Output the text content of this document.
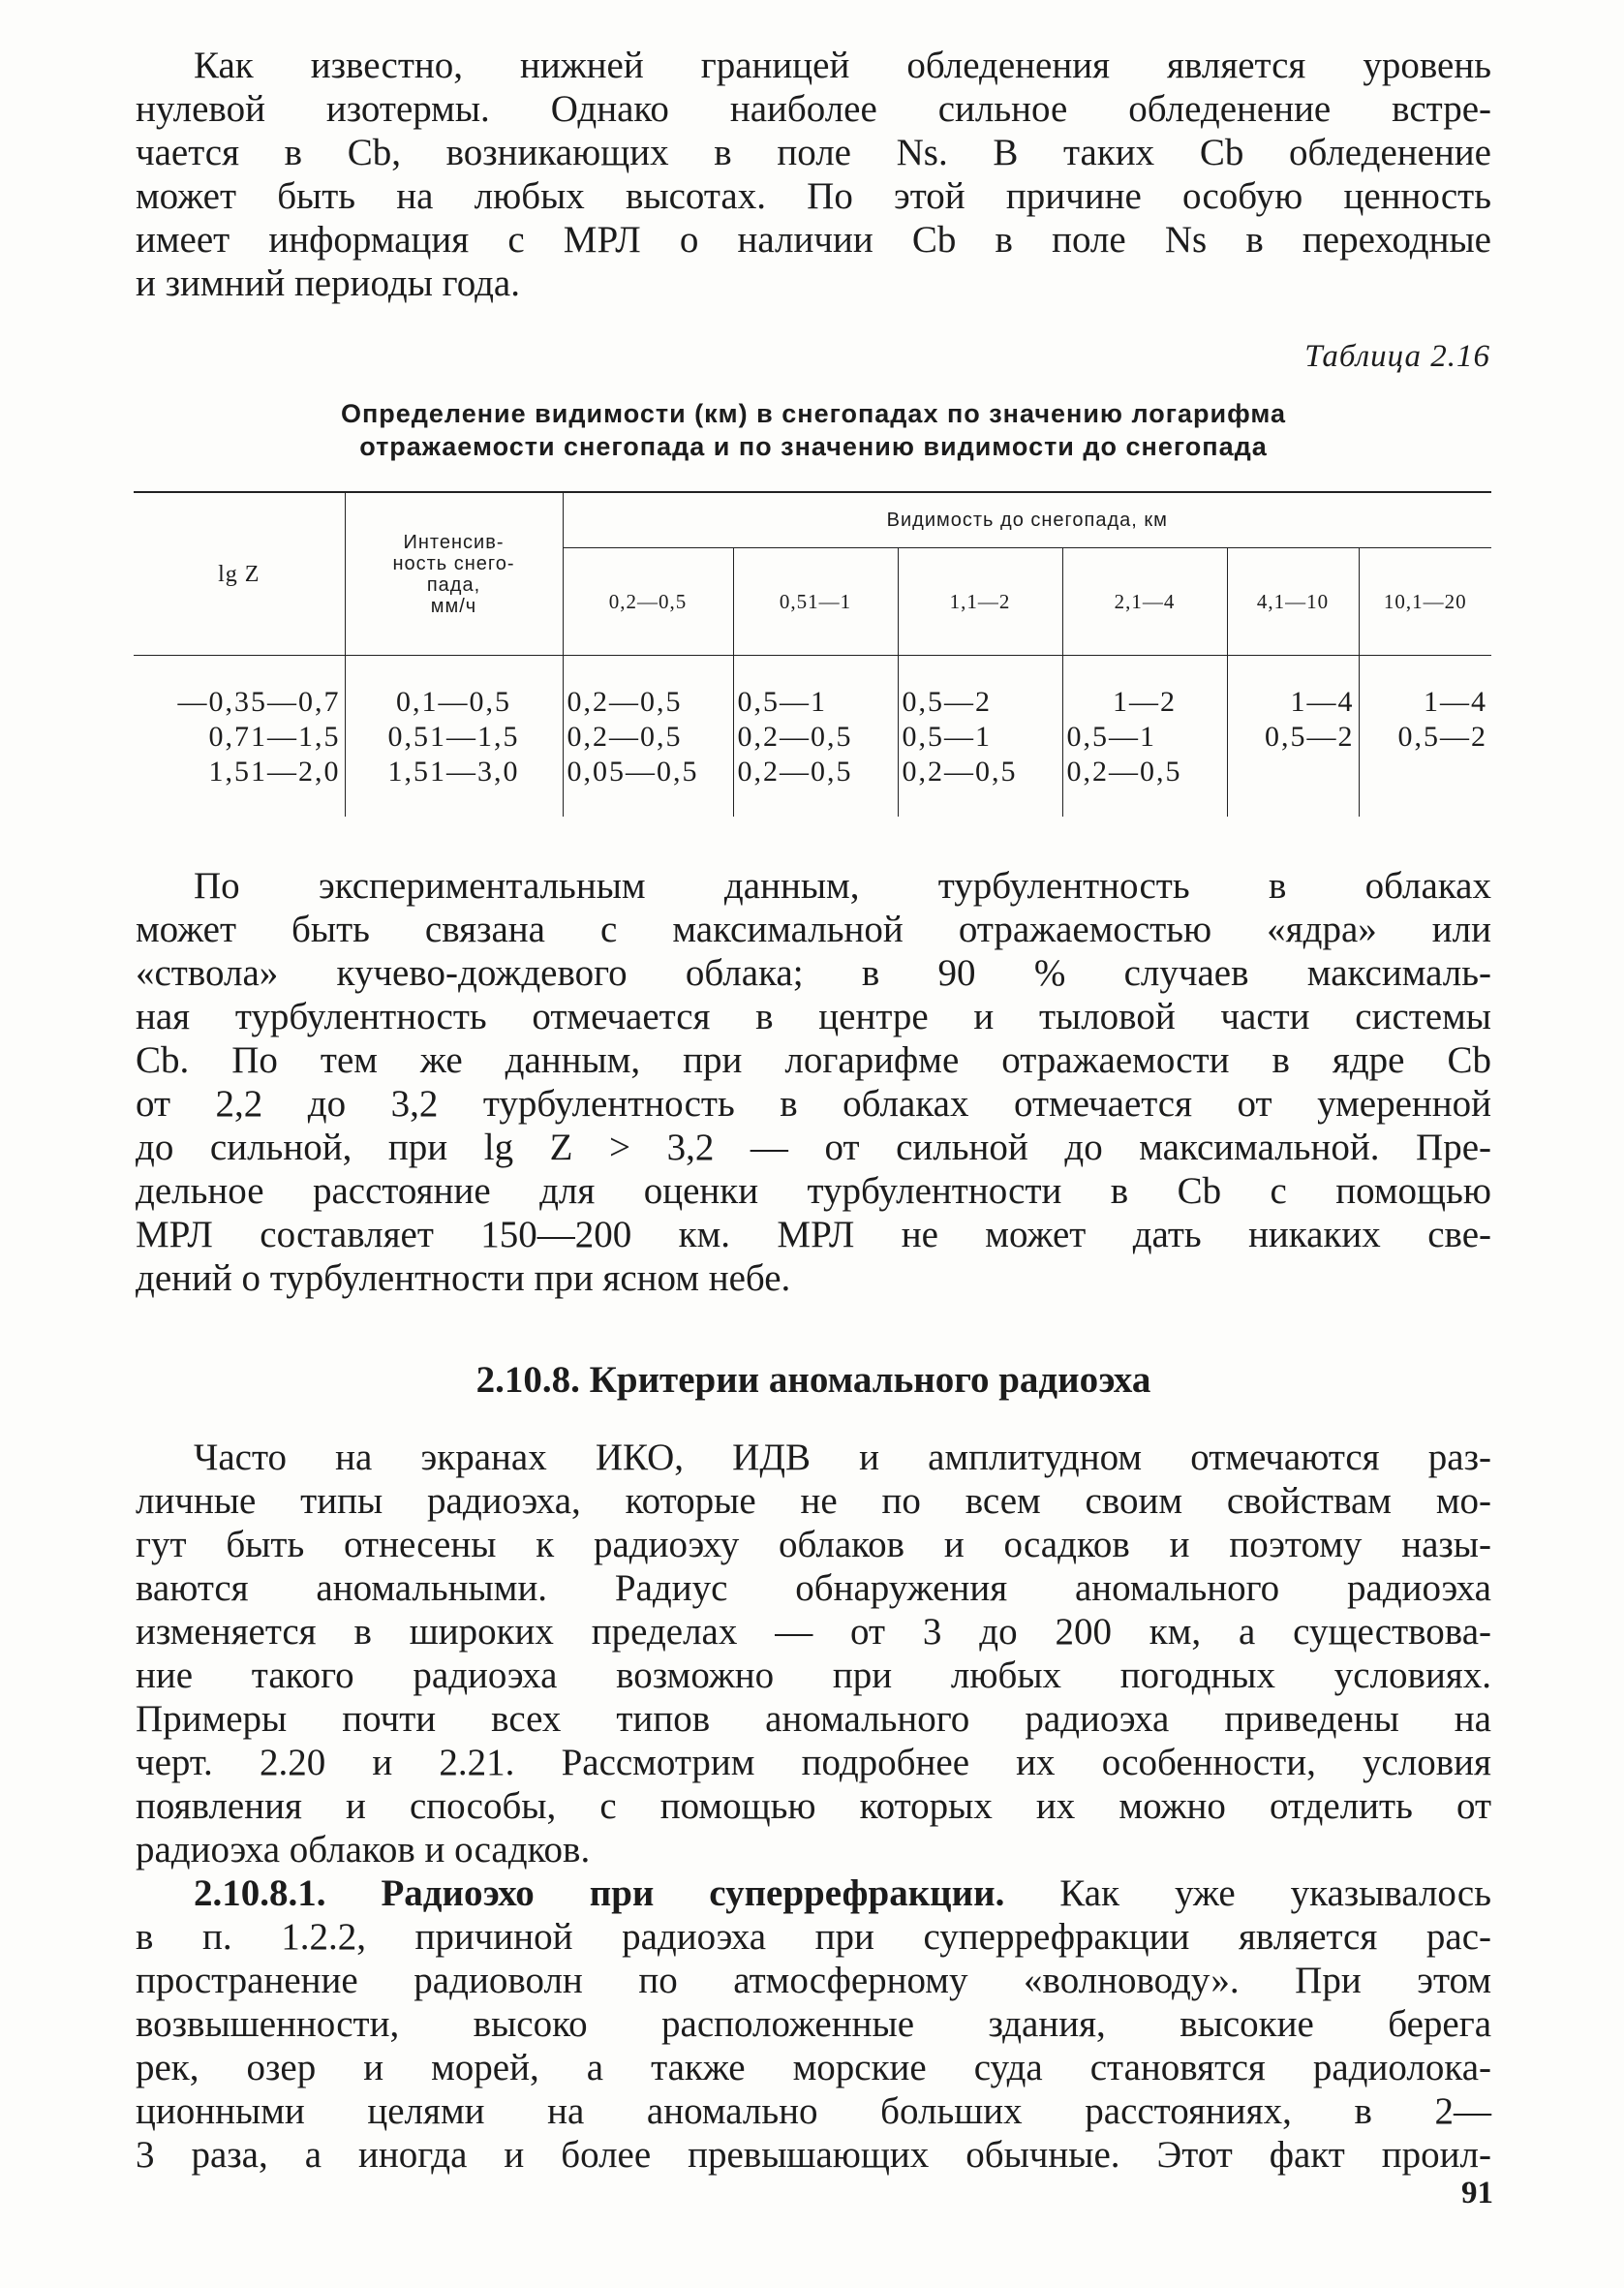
Как известно, нижней границей обледенения является уровень
нулевой изотермы. Однако наиболее сильное обледенение встре-
чается в Cb, возникающих в поле Ns. В таких Cb обледенение
может быть на любых высотах. По этой причине особую ценность
имеет информация с МРЛ о наличии Cb в поле Ns в переходные
и зимний периоды года.
Таблица 2.16
Определение видимости (км) в снегопадах по значению логарифма
отражаемости снегопада и по значению видимости до снегопада
lg Z	Интенсив-
ность снего-
пада,
мм/ч	Видимость до снегопада, км					
		0,2—0,5	0,51—1	1,1—2	2,1—4	4,1—10	10,1—20

—0,35—0,7	0,1—0,5	0,2—0,5	0,5—1	0,5—2	1—2	1—4	1—4
0,71—1,5	0,51—1,5	0,2—0,5	0,2—0,5	0,5—1	0,5—1	0,5—2	0,5—2
1,51—2,0	1,51—3,0	0,05—0,5	0,2—0,5	0,2—0,5	0,2—0,5		

По экспериментальным данным, турбулентность в облаках
может быть связана с максимальной отражаемостью «ядра» или
«ствола» кучево-дождевого облака; в 90 % случаев максималь-
ная турбулентность отмечается в центре и тыловой части системы
Cb. По тем же данным, при логарифме отражаемости в ядре Cb
от 2,2 до 3,2 турбулентность в облаках отмечается от умеренной
до сильной, при lg Z > 3,2 — от сильной до максимальной. Пре-
дельное расстояние для оценки турбулентности в Cb с помощью
МРЛ составляет 150—200 км. МРЛ не может дать никаких све-
дений о турбулентности при ясном небе.
2.10.8. Критерии аномального радиоэха
Часто на экранах ИКО, ИДВ и амплитудном отмечаются раз-
личные типы радиоэха, которые не по всем своим свойствам мо-
гут быть отнесены к радиоэху облаков и осадков и поэтому назы-
ваются аномальными. Радиус обнаружения аномального радиоэха
изменяется в широких пределах — от 3 до 200 км, а существова-
ние такого радиоэха возможно при любых погодных условиях.
Примеры почти всех типов аномального радиоэха приведены на
черт. 2.20 и 2.21. Рассмотрим подробнее их особенности, условия
появления и способы, с помощью которых их можно отделить от
радиоэха облаков и осадков.
2.10.8.1. Радиоэхо при суперрефракции. Как уже указывалось
в п. 1.2.2, причиной радиоэха при суперрефракции является рас-
пространение радиоволн по атмосферному «волноводу». При этом
возвышенности, высоко расположенные здания, высокие берега
рек, озер и морей, а также морские суда становятся радиолока-
ционными целями на аномально больших расстояниях, в 2—
3 раза, а иногда и более превышающих обычные. Этот факт проил-
91
